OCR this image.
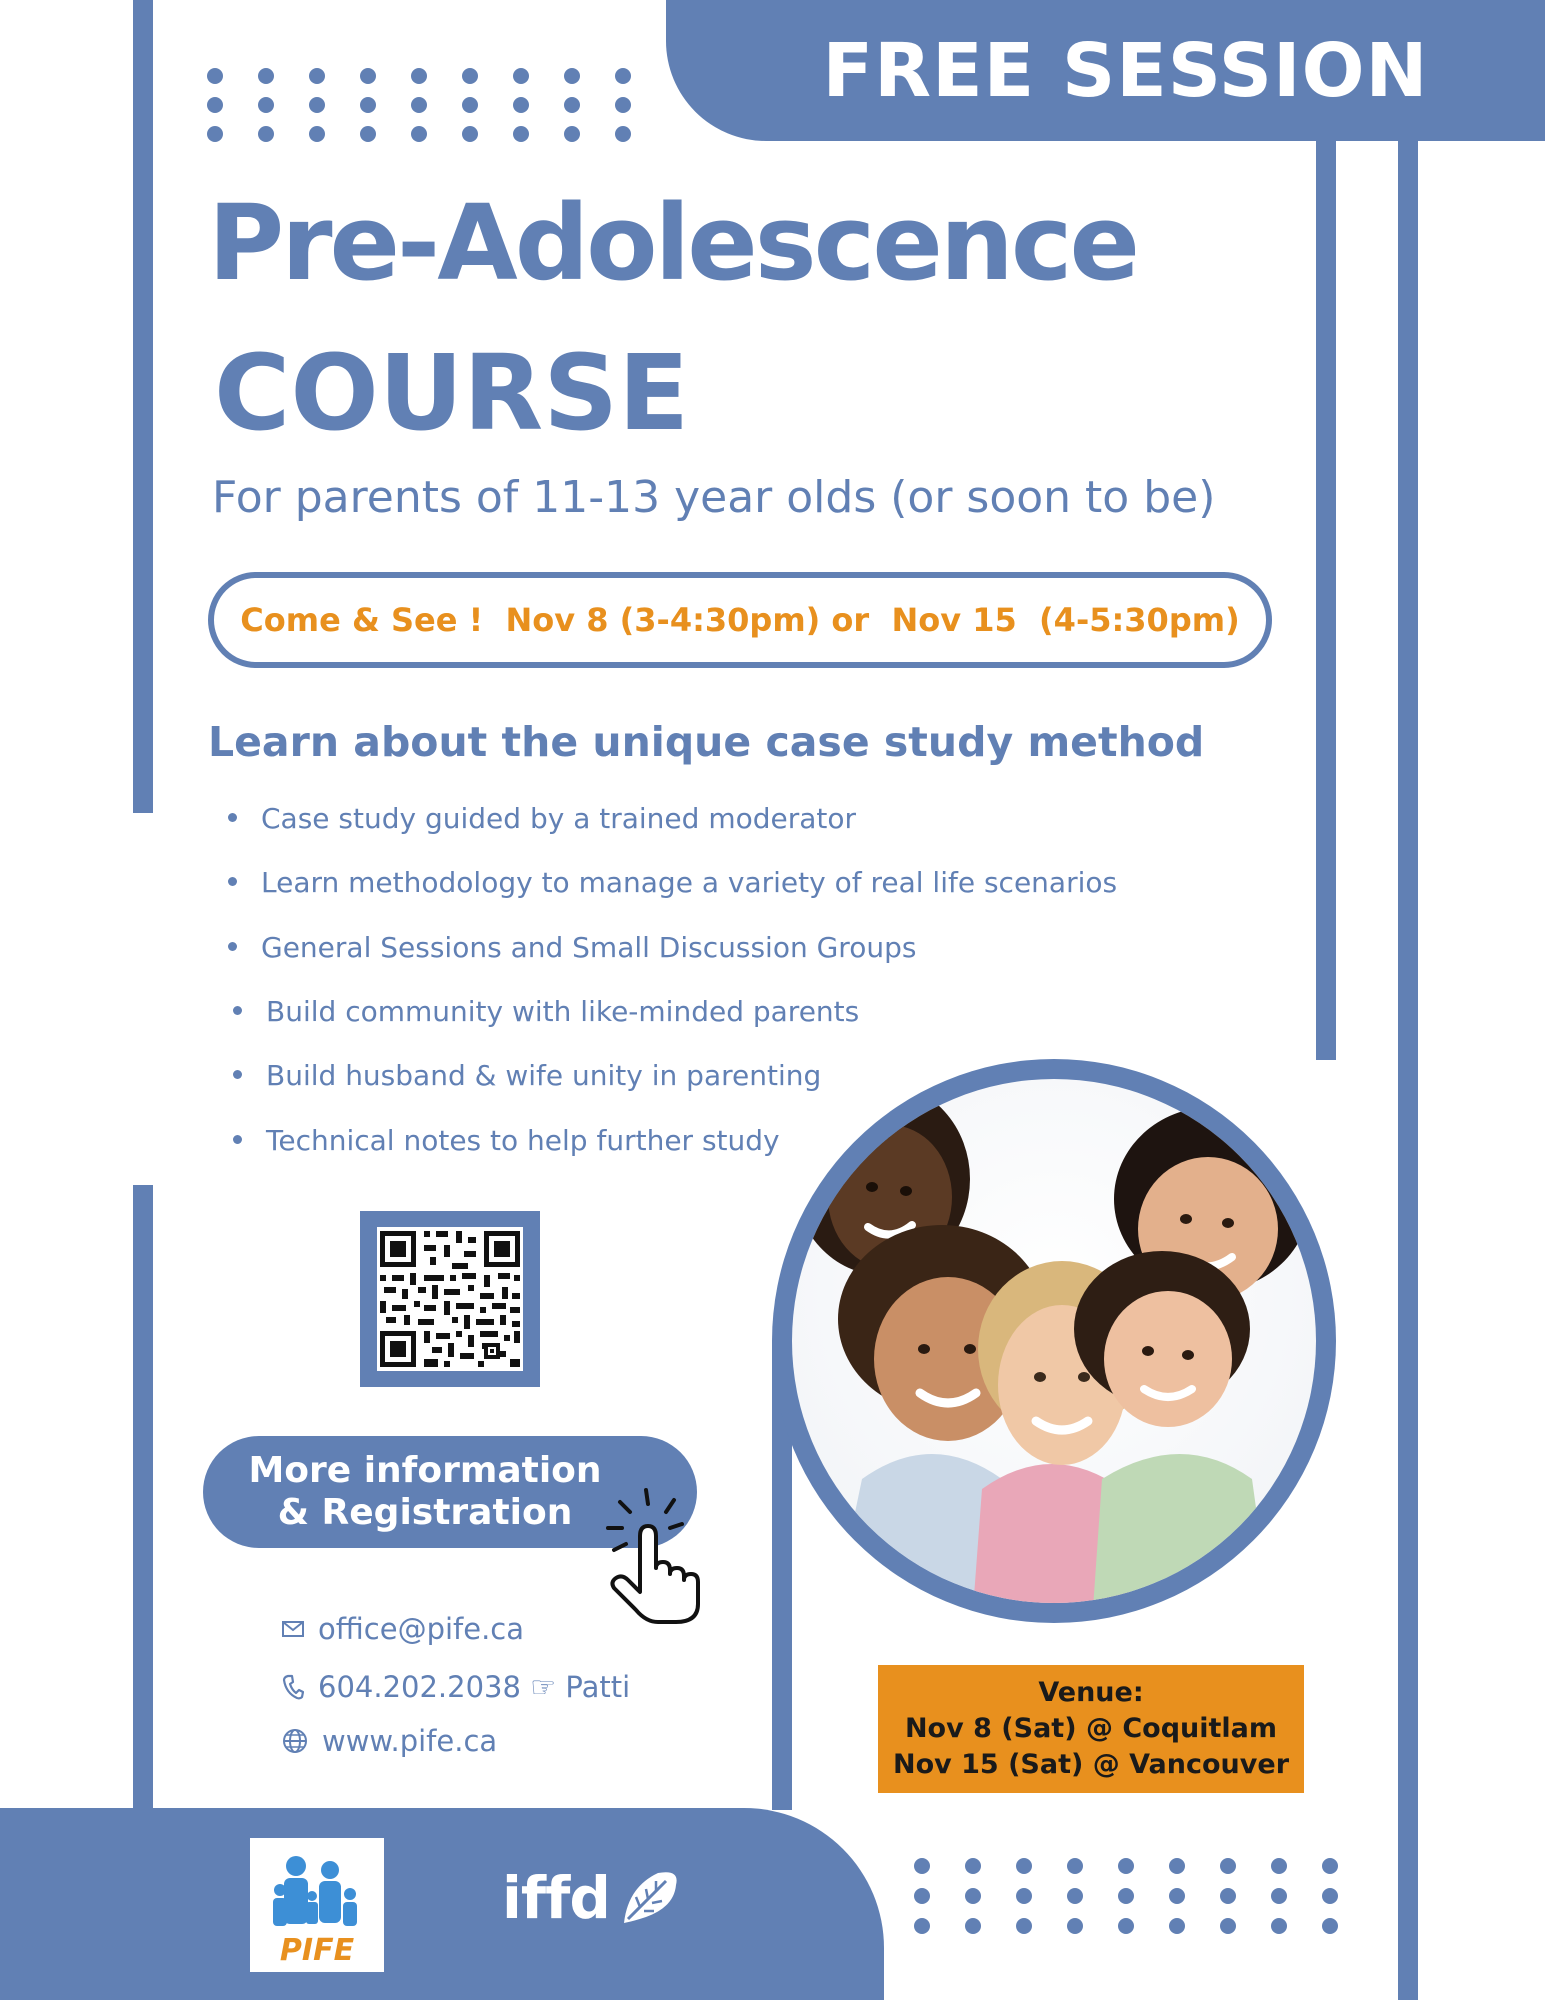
FREE SESSION
Pre-Adolescence
COURSE
For parents of 11-13 year olds (or soon to be)
Come & See !  Nov 8 (3-4:30pm) or  Nov 15  (4-5:30pm)
Learn about the unique case study method
Case study guided by a trained moderator
Learn methodology to manage a variety of real life scenarios
General Sessions and Small Discussion Groups
Build community with like-minded parents
Build husband & wife unity in parenting
Technical notes to help further study
More information
& Registration
office@pife.ca
604.202.2038 ☞ Patti
www.pife.ca
Venue:
Nov 8 (Sat) @ Coquitlam
Nov 15 (Sat) @ Vancouver
PIFE
iffd
